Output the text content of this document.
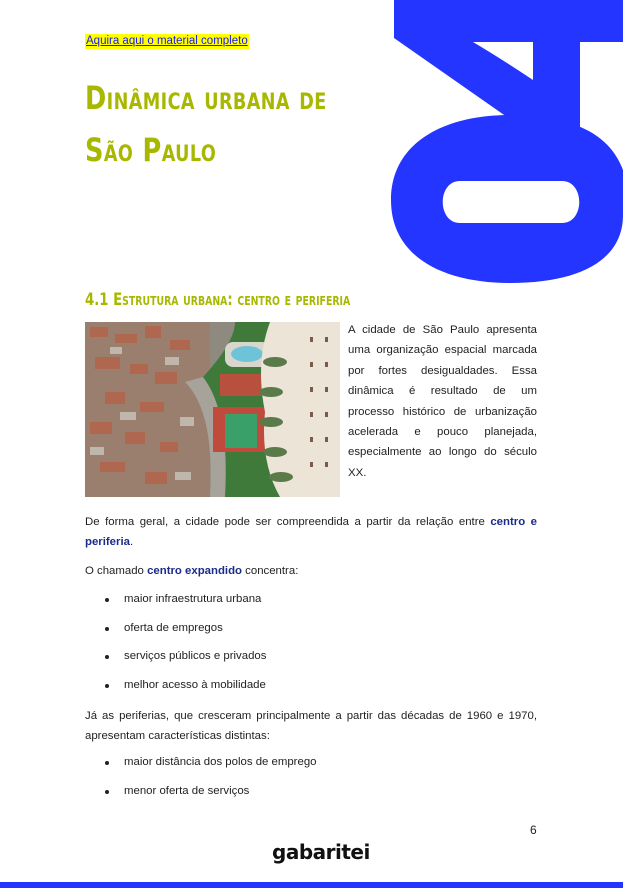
Aquira aqui o material completo
Dinâmica urbana de
São Paulo
4.1 Estrutura urbana: centro e periferia
A cidade de São Paulo apresenta uma organização espacial marcada por fortes desigualdades. Essa dinâmica é resultado de um processo histórico de urbanização acelerada e pouco planejada, especialmente ao longo do século XX.
De forma geral, a cidade pode ser compreendida a partir da relação entre centro e periferia.
O chamado centro expandido concentra:
maior infraestrutura urbana
oferta de empregos
serviços públicos e privados
melhor acesso à mobilidade
Já as periferias, que cresceram principalmente a partir das décadas de 1960 e 1970, apresentam características distintas:
maior distância dos polos de emprego
menor oferta de serviços
6
gabaritei
